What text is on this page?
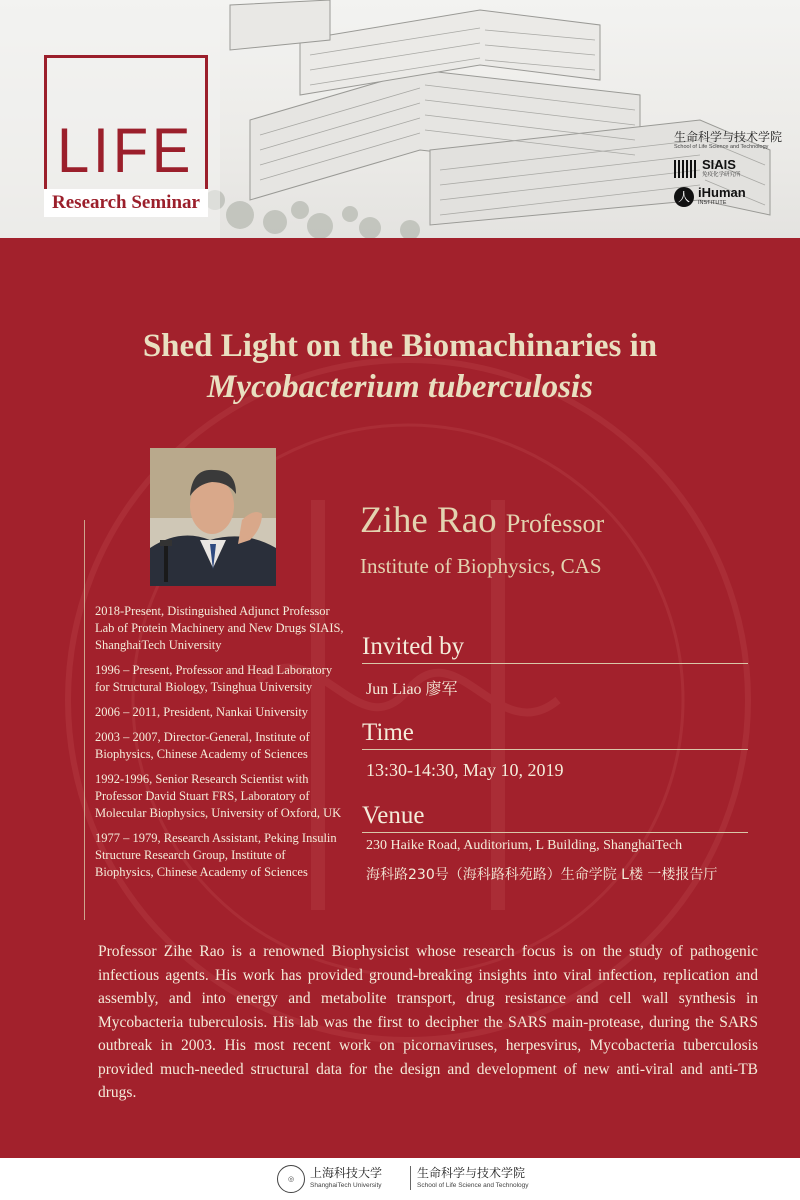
LIFE
Research Seminar
生命科学与技术学院
School of Life Science and Technology
SIAIS
免疫化学研究所
人 iHuman
INSTITUTE
Shed Light on the Biomachinaries in
Mycobacterium tuberculosis
2018-Present, Distinguished Adjunct Professor Lab of Protein Machinery and New Drugs SIAIS, ShanghaiTech University
1996 – Present, Professor and Head Laboratory for Structural Biology, Tsinghua University
2006 – 2011, President, Nankai University
2003 – 2007, Director-General, Institute of Biophysics, Chinese Academy of Sciences
1992-1996, Senior Research Scientist with Professor David Stuart FRS, Laboratory of Molecular Biophysics, University of Oxford, UK
1977 – 1979, Research Assistant, Peking Insulin Structure Research Group, Institute of Biophysics, Chinese Academy of Sciences
Zihe Rao Professor
Institute of Biophysics, CAS
Invited by
Jun Liao 廖军
Time
13:30-14:30, May 10, 2019
Venue
230 Haike Road, Auditorium, L Building, ShanghaiTech
海科路230号（海科路科苑路）生命学院 L楼 一楼报告厅
Professor Zihe Rao is a renowned Biophysicist whose research focus is on the study of pathogenic infectious agents. His work has provided ground-breaking insights into viral infection, replication and assembly, and into energy and metabolite transport, drug resistance and cell wall synthesis in Mycobacteria tuberculosis. His lab was the first to decipher the SARS main-protease, during the SARS outbreak in 2003. His most recent work on picornaviruses, herpesvirus, Mycobacteria tuberculosis provided much-needed structural data for the design and development of new anti-viral and anti-TB drugs.
◎	上海科技大学
ShanghaiTech University
生命科学与技术学院
School of Life Science and Technology
